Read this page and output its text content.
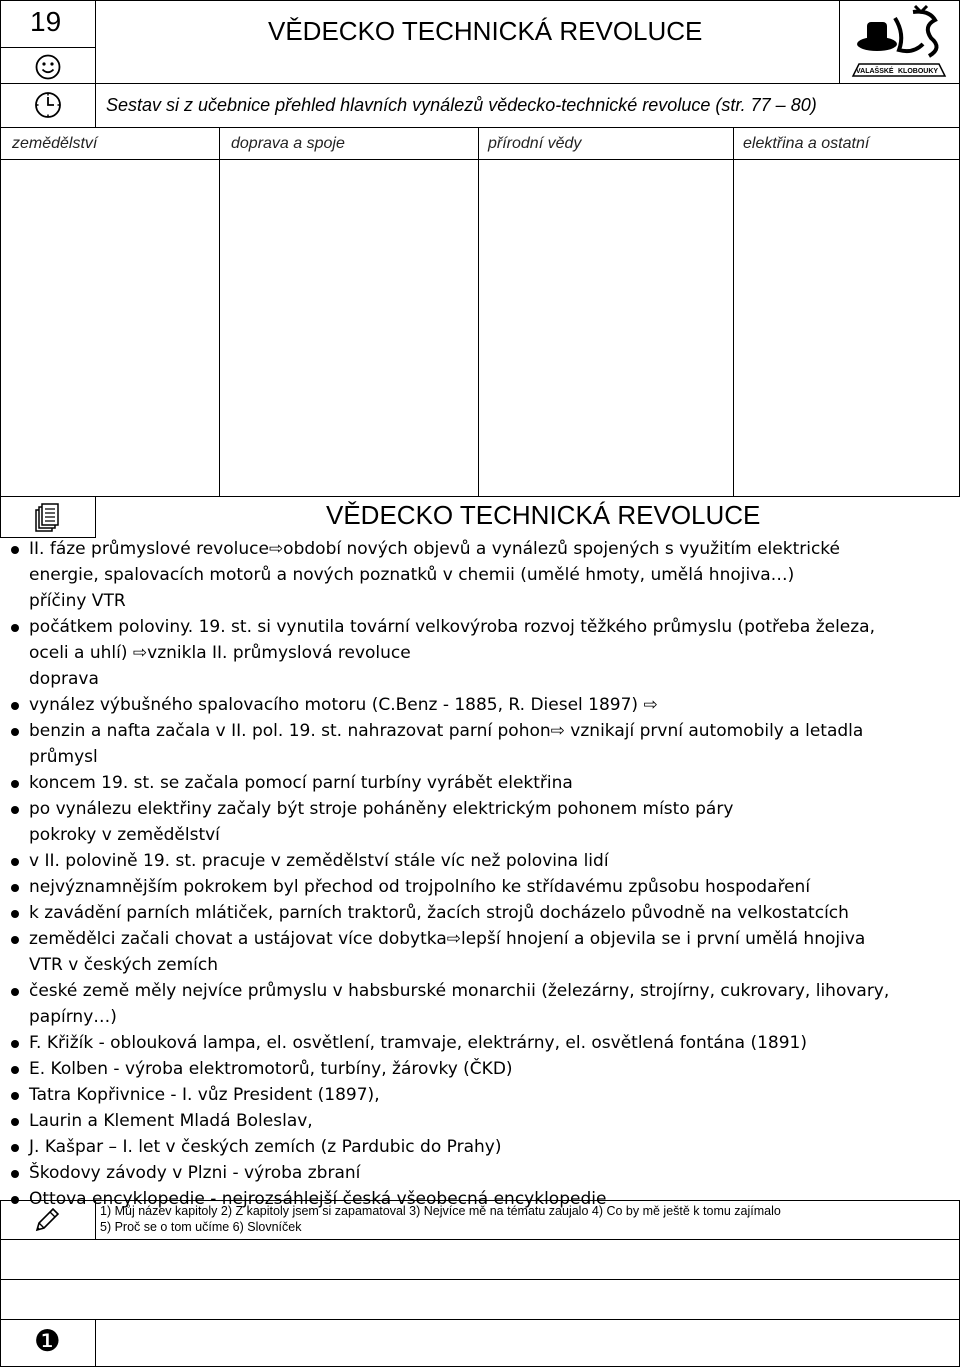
19	VĚDECKO TECHNICKÁ REVOLUCE
VALAŠSKÉ KLOBOUKY
Sestav si z učebnice přehled hlavních vynálezů vědecko-technické revoluce (str. 77 – 80)
zemědělství	doprava a spoje	přírodní vědy	elektřina a ostatní
VĚDECKO TECHNICKÁ REVOLUCE
II. fáze průmyslové revoluce⇨období nových objevů a vynálezů spojených s využitím elektrické
energie, spalovacích motorů a nových poznatků v chemii (umělé hmoty, umělá hnojiva…)
příčiny VTR
počátkem poloviny. 19. st. si vynutila tovární velkovýroba rozvoj těžkého průmyslu (potřeba železa,
oceli a uhlí) ⇨vznikla II. průmyslová revoluce
doprava
vynález výbušného spalovacího motoru (C.Benz - 1885, R. Diesel 1897) ⇨
benzin a nafta začala v II. pol. 19. st. nahrazovat parní pohon⇨ vznikají první automobily a letadla
průmysl
koncem 19. st. se začala pomocí parní turbíny vyrábět elektřina
po vynálezu elektřiny začaly být stroje poháněny elektrickým pohonem místo páry
pokroky v zemědělství
v II. polovině 19. st. pracuje v zemědělství stále víc než polovina lidí
nejvýznamnějším pokrokem byl přechod od trojpolního ke střídavému způsobu hospodaření
k zavádění parních mlátiček, parních traktorů, žacích strojů docházelo původně na velkostatcích
zemědělci začali chovat a ustájovat více dobytka⇨lepší hnojení a objevila se i první umělá hnojiva
VTR v českých zemích
české země měly nejvíce průmyslu v habsburské monarchii (železárny, strojírny, cukrovary, lihovary,
papírny…)
F. Křižík - oblouková lampa, el. osvětlení, tramvaje, elektrárny, el. osvětlená fontána (1891)
E. Kolben - výroba elektromotorů, turbíny, žárovky (ČKD)
Tatra Kopřivnice - I. vůz President (1897),
Laurin a Klement Mladá Boleslav,
J. Kašpar – I. let v českých zemích (z Pardubic do Prahy)
Škodovy závody v Plzni - výroba zbraní
Ottova encyklopedie - nejrozsáhlejší česká všeobecná encyklopedie
1) Můj název kapitoly 2) Z kapitoly jsem si zapamatoval 3) Nejvíce mě na tématu zaujalo 4) Co by mě ještě k tomu zajímalo
5) Proč se o tom učíme 6) Slovníček
❶
